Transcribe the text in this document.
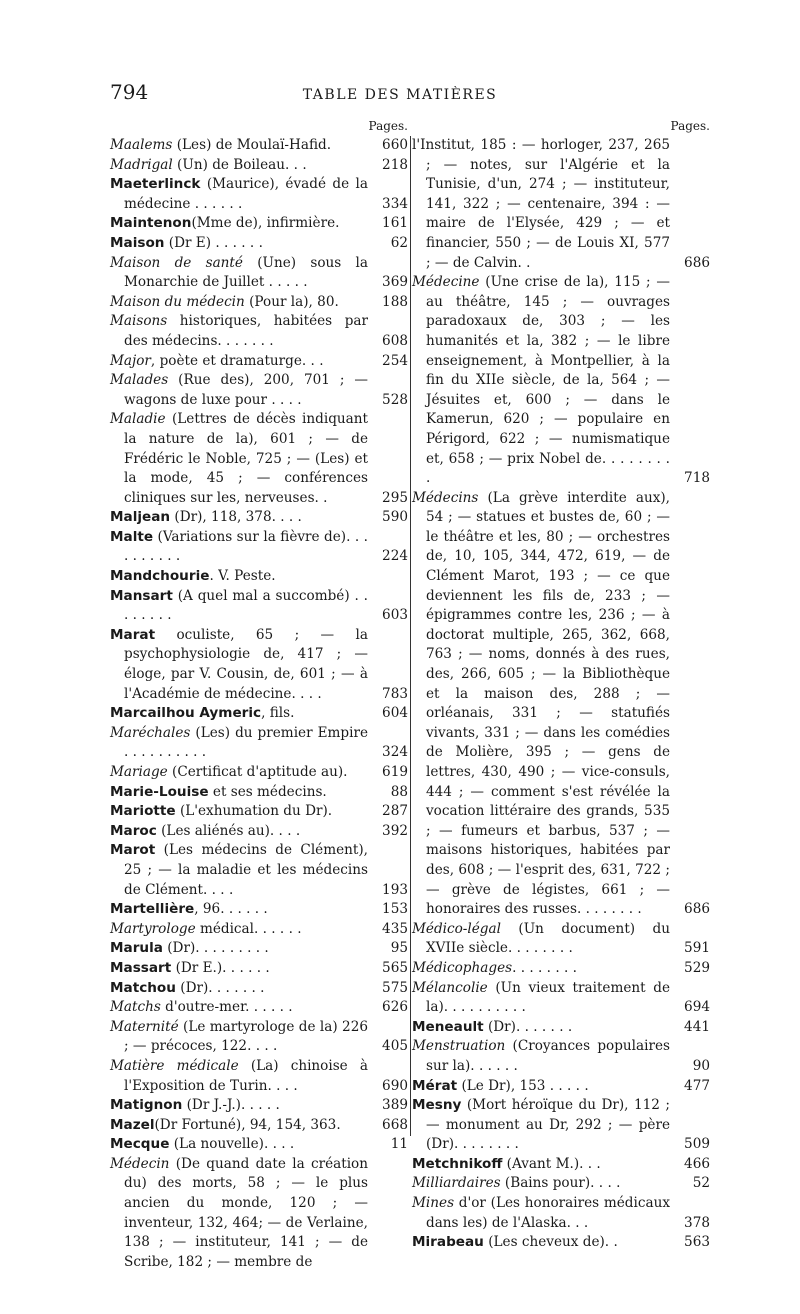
794	TABLE DES MATIÈRES
Pages.
Maalems (Les) de Moulaï-Hafid.	660
Madrigal (Un) de Boileau. . .	218
Maeterlinck (Maurice), évadé de la médecine . . . . . .	334
Maintenon(Mme de), infirmière.	161
Maison (Dr E) . . . . . .	62
Maison de santé (Une) sous la Monarchie de Juillet . . . . .	369
Maison du médecin (Pour la), 80.	188
Maisons historiques, habitées par des médecins. . . . . . .	608
Major, poète et dramaturge. . .	254
Malades (Rue des), 200, 701 ; — wagons de luxe pour . . . .	528
Maladie (Lettres de décès indiquant la nature de la), 601 ; — de Frédéric le Noble, 725 ; — (Les) et la mode, 45 ; — conférences cliniques sur les, nerveuses. .	295
Maljean (Dr), 118, 378. . . .	590
Malte (Variations sur la fièvre de). . . . . . . . . .	224
Mandchourie. V. Peste.
Mansart (A quel mal a succombé) . . . . . . . .	603
Marat oculiste, 65 ; — la psychophysiologie de, 417 ; — éloge, par V. Cousin, de, 601 ; — à l'Académie de médecine. . . .	783
Marcailhou Aymeric, fils.	604
Maréchales (Les) du premier Empire . . . . . . . . . .	324
Mariage (Certificat d'aptitude au).	619
Marie-Louise et ses médecins.	88
Mariotte (L'exhumation du Dr).	287
Maroc (Les aliénés au). . . .	392
Marot (Les médecins de Clément), 25 ; — la maladie et les médecins de Clément. . . .	193
Martellière, 96. . . . . .	153
Martyrologe médical. . . . . .	435
Marula (Dr). . . . . . . . .	95
Massart (Dr E.). . . . . .	565
Matchou (Dr). . . . . . .	575
Matchs d'outre-mer. . . . . .	626
Maternité (Le martyrologe de la) 226 ; — précoces, 122. . . .	405
Matière médicale (La) chinoise à l'Exposition de Turin. . . .	690
Matignon (Dr J.-J.). . . . .	389
Mazel(Dr Fortuné), 94, 154, 363.	668
Mecque (La nouvelle). . . .	11
Médecin (De quand date la création du) des morts, 58 ; — le plus ancien du monde, 120 ; — inventeur, 132, 464; — de Verlaine, 138 ; — instituteur, 141 ; — de Scribe, 182 ; — membre de
Pages.
l'Institut, 185 : — horloger, 237, 265 ; — notes, sur l'Algérie et la Tunisie, d'un, 274 ; — instituteur, 141, 322 ; — centenaire, 394 : — maire de l'Elysée, 429 ; — et financier, 550 ; — de Louis XI, 577 ; — de Calvin. .	686
Médecine (Une crise de la), 115 ; — au théâtre, 145 ; — ouvrages paradoxaux de, 303 ; — les humanités et la, 382 ; — le libre enseignement, à Montpellier, à la fin du XIIe siècle, de la, 564 ; — Jésuites et, 600 ; — dans le Kamerun, 620 ; — populaire en Périgord, 622 ; — numismatique et, 658 ; — prix Nobel de. . . . . . . . .	718
Médecins (La grève interdite aux), 54 ; — statues et bustes de, 60 ; — le théâtre et les, 80 ; — orchestres de, 10, 105, 344, 472, 619, — de Clément Marot, 193 ; — ce que deviennent les fils de, 233 ; — épigrammes contre les, 236 ; — à doctorat multiple, 265, 362, 668, 763 ; — noms, donnés à des rues, des, 266, 605 ; — la Bibliothèque et la maison des, 288 ; — orléanais, 331 ; — statufiés vivants, 331 ; — dans les comédies de Molière, 395 ; — gens de lettres, 430, 490 ; — vice-consuls, 444 ; — comment s'est révélée la vocation littéraire des grands, 535 ; — fumeurs et barbus, 537 ; — maisons historiques, habitées par des, 608 ; — l'esprit des, 631, 722 ; — grève de légistes, 661 ; — honoraires des russes. . . . . . . .	686
Médico-légal (Un document) du XVIIe siècle. . . . . . . .	591
Médicophages. . . . . . . .	529
Mélancolie (Un vieux traitement de la). . . . . . . . . .	694
Meneault (Dr). . . . . . .	441
Menstruation (Croyances populaires sur la). . . . . .	90
Mérat (Le Dr), 153 . . . . .	477
Mesny (Mort héroïque du Dr), 112 ; — monument au Dr, 292 ; — père (Dr). . . . . . . .	509
Metchnikoff (Avant M.). . .	466
Milliardaires (Bains pour). . . .	52
Mines d'or (Les honoraires médicaux dans les) de l'Alaska. . .	378
Mirabeau (Les cheveux de). .	563
